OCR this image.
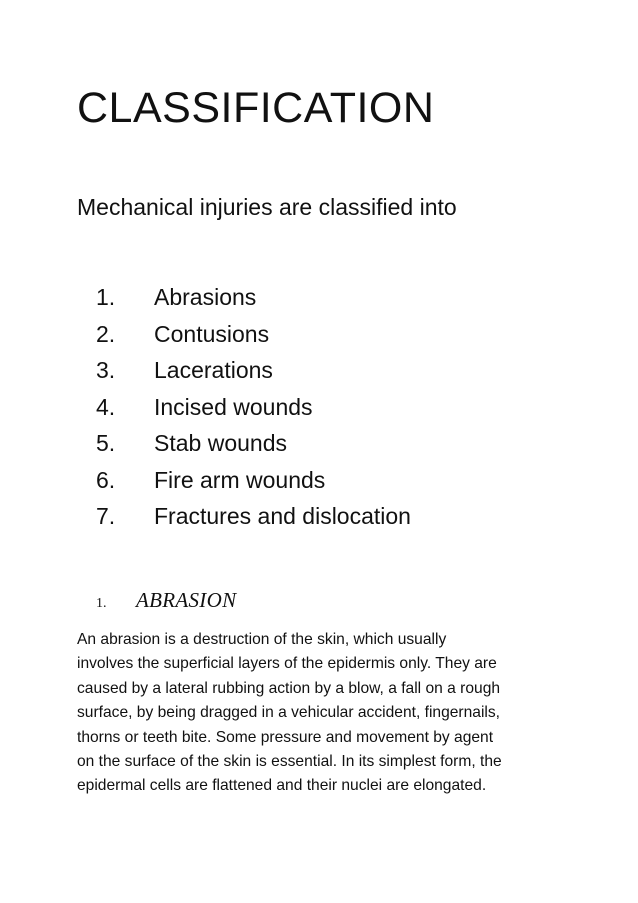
CLASSIFICATION

Mechanical injuries are classified into

1.	Abrasions
2.	Contusions
3.	Lacerations
4.	Incised wounds
5.	Stab wounds
6.	Fire arm wounds
7.	Fractures and dislocation
1.	ABRASION

An abrasion is a destruction of the skin, which usually
involves the superficial layers of the epidermis only. They are
caused by a lateral rubbing action by a blow, a fall on a rough
surface, by being dragged in a vehicular accident, fingernails,
thorns or teeth bite. Some pressure and movement by agent
on the surface of the skin is essential. In its simplest form, the
epidermal cells are flattened and their nuclei are elongated.
